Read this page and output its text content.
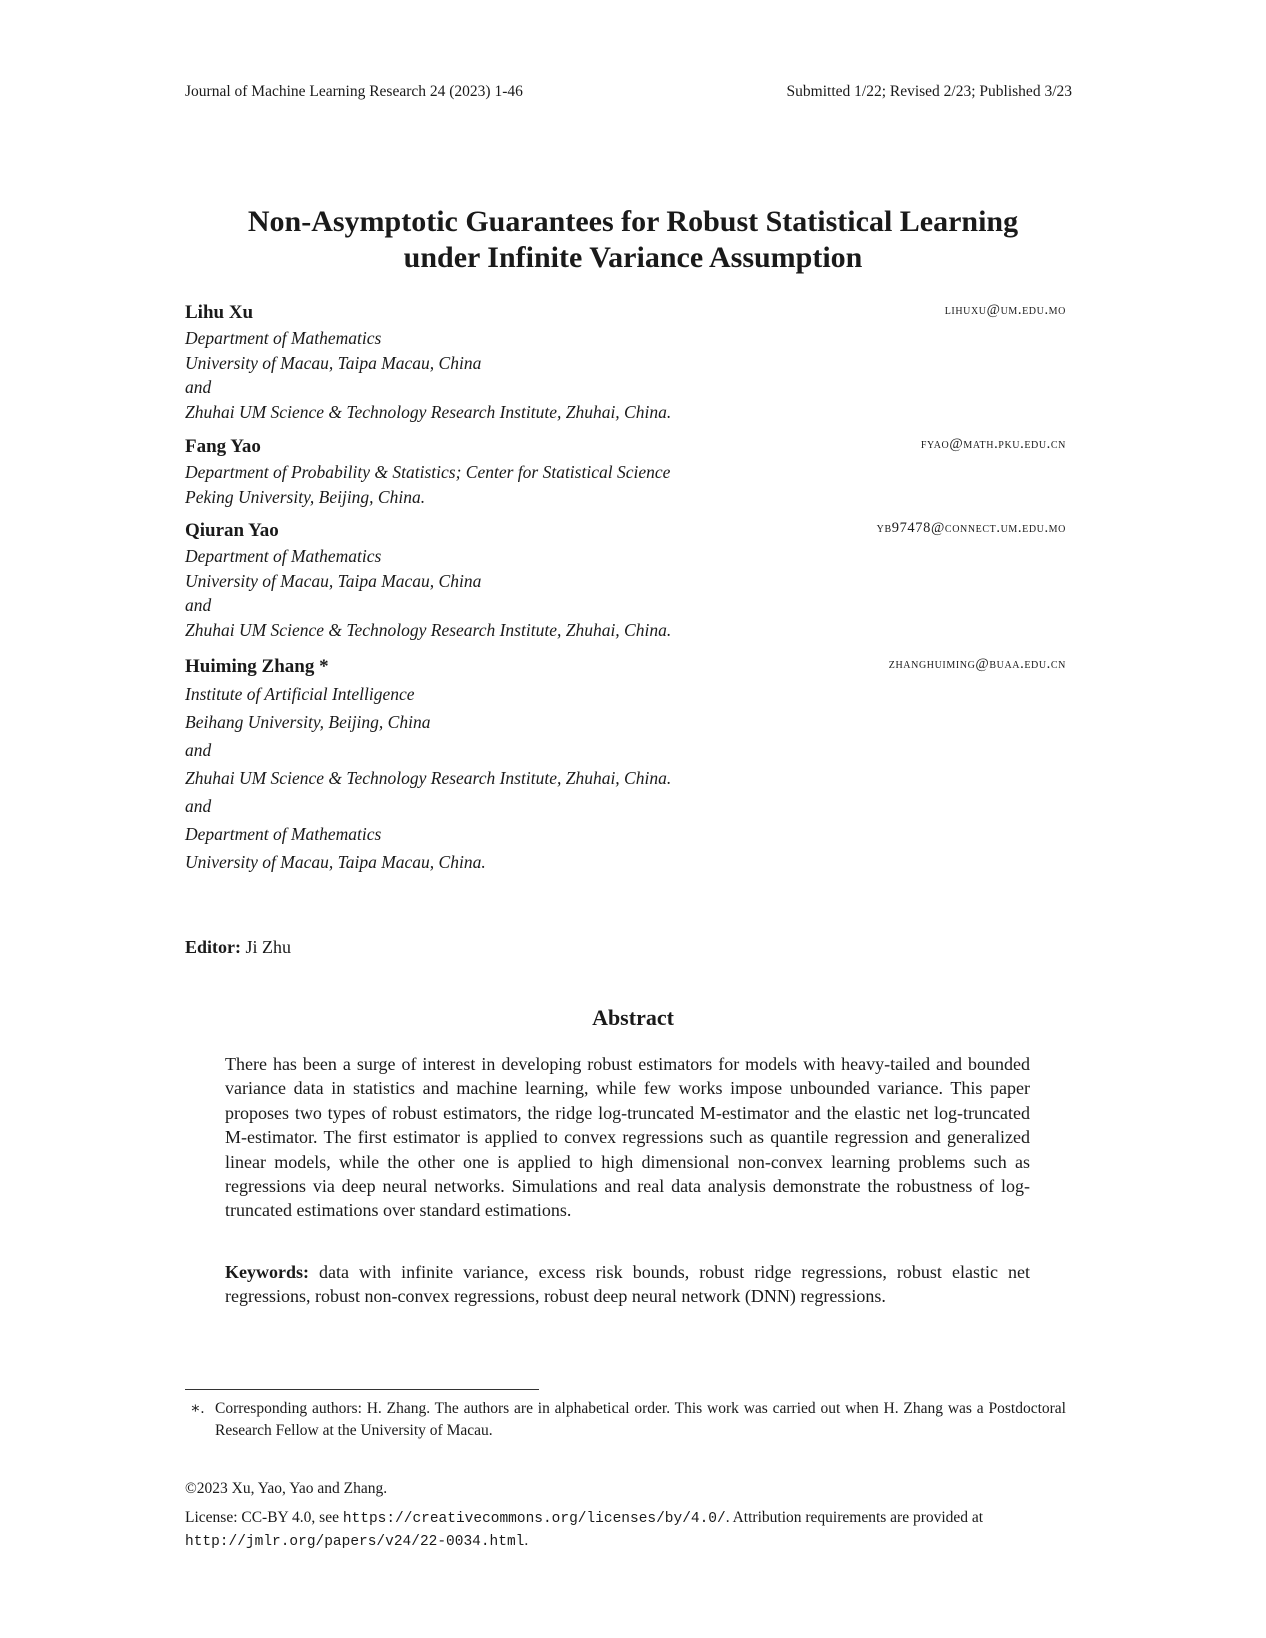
Journal of Machine Learning Research 24 (2023) 1-46	Submitted 1/22; Revised 2/23; Published 3/23
Non-Asymptotic Guarantees for Robust Statistical Learning
under Infinite Variance Assumption
Lihu Xu	lihuxu@um.edu.mo
Department of Mathematics
University of Macau, Taipa Macau, China
and
Zhuhai UM Science & Technology Research Institute, Zhuhai, China.
Fang Yao	fyao@math.pku.edu.cn
Department of Probability & Statistics; Center for Statistical Science
Peking University, Beijing, China.
Qiuran Yao	yb97478@connect.um.edu.mo
Department of Mathematics
University of Macau, Taipa Macau, China
and
Zhuhai UM Science & Technology Research Institute, Zhuhai, China.
Huiming Zhang *	zhanghuiming@buaa.edu.cn
Institute of Artificial Intelligence
Beihang University, Beijing, China
and
Zhuhai UM Science & Technology Research Institute, Zhuhai, China.
and
Department of Mathematics
University of Macau, Taipa Macau, China.
Editor: Ji Zhu
Abstract

There has been a surge of interest in developing robust estimators for models with heavy-tailed and bounded variance data in statistics and machine learning, while few works impose unbounded variance. This paper proposes two types of robust estimators, the ridge log-truncated M-estimator and the elastic net log-truncated M-estimator. The first estimator is applied to convex regressions such as quantile regression and generalized linear models, while the other one is applied to high dimensional non-convex learning problems such as regressions via deep neural networks. Simulations and real data analysis demonstrate the robustness of log-truncated estimations over standard estimations.

Keywords: data with infinite variance, excess risk bounds, robust ridge regressions, robust elastic net regressions, robust non-convex regressions, robust deep neural network (DNN) regressions.

∗. Corresponding authors: H. Zhang. The authors are in alphabetical order. This work was carried out when H. Zhang was a Postdoctoral Research Fellow at the University of Macau.
©2023 Xu, Yao, Yao and Zhang.
License: CC-BY 4.0, see https://creativecommons.org/licenses/by/4.0/. Attribution requirements are provided at http://jmlr.org/papers/v24/22-0034.html.
